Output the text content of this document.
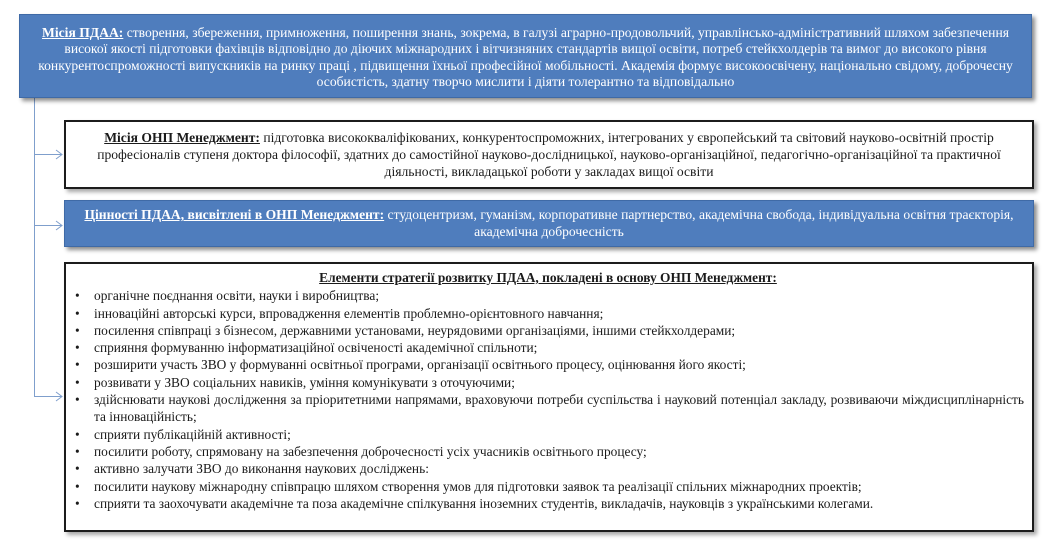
Місія ПДАА: створення, збереження, примноження, поширення знань, зокрема, в галузі аграрно-продовольчий, управлінсько-адміністративний шляхом забезпечення високої якості підготовки фахівців відповідно до діючих міжнародних і вітчизняних стандартів вищої освіти, потреб стейкхолдерів та вимог до високого рівня конкурентоспроможності випускників на ринку праці , підвищення їхньої професійної мобільності. Академія формує високоосвічену, національно свідому, доброчесну особистість, здатну творчо мислити і діяти толерантно та відповідально
Місія ОНП Менеджмент: підготовка висококваліфікованих, конкурентоспроможних, інтегрованих у європейський та світовий науково-освітній простір професіоналів ступеня доктора філософії, здатних до самостійної науково-дослідницької, науково-організаційної, педагогічно-організаційної та практичної діяльності, викладацької роботи у закладах вищої освіти
Цінності ПДАА, висвітлені в ОНП Менеджмент: студоцентризм, гуманізм, корпоративне партнерство, академічна свобода, індивідуальна освітня траєкторія, академічна доброчесність
Елементи стратегії розвитку ПДАА, покладені в основу ОНП Менеджмент:
• органічне поєднання освіти, науки і виробництва;
• інноваційні авторські курси, впровадження елементів проблемно-орієнтовного навчання;
• посилення співпраці з бізнесом, державними установами, неурядовими організаціями, іншими стейкхолдерами;
• сприяння формуванню інформатизаційної освіченості академічної спільноти;
• розширити участь ЗВО у формуванні освітньої програми, організації освітнього процесу, оцінювання його якості;
• розвивати у ЗВО соціальних навиків, уміння комунікувати з оточуючими;
• здійснювати наукові дослідження за пріоритетними напрямами, враховуючи потреби суспільства і науковий потенціал закладу, розвиваючи міждисциплінарність та інноваційність;
• сприяти публікаційній активності;
• посилити роботу, спрямовану на забезпечення доброчесності усіх учасників освітнього процесу;
• активно залучати ЗВО до виконання наукових досліджень:
• посилити наукову міжнародну співпрацю шляхом створення умов для підготовки заявок та реалізації спільних міжнародних проектів;
• сприяти та заохочувати академічне та поза академічне спілкування іноземних студентів, викладачів, науковців з українськими колегами.
